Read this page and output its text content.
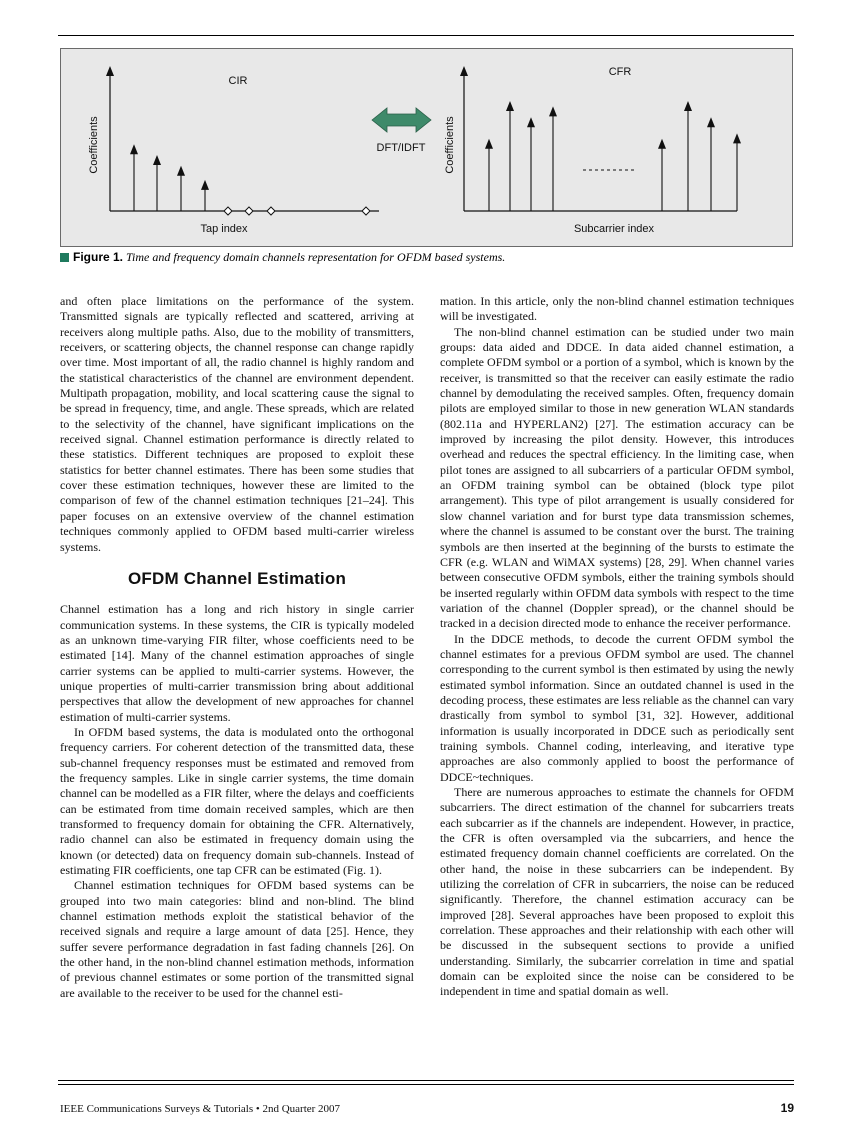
CIR
CFR
DFT/IDFT
Coefficients	Coefficients
Tap index	Subcarrier index
Figure 1. Time and frequency domain channels representation for OFDM based systems.

and often place limitations on the performance of the system. Transmitted signals are typically reflected and scattered, arriving at receivers along multiple paths. Also, due to the mobility of transmitters, receivers, or scattering objects, the channel response can change rapidly over time. Most important of all, the radio channel is highly random and the statistical characteristics of the channel are environment dependent. Multipath propagation, mobility, and local scattering cause the signal to be spread in frequency, time, and angle. These spreads, which are related to the selectivity of the channel, have significant implications on the received signal. Channel estimation performance is directly related to these statistics. Different techniques are proposed to exploit these statistics for better channel estimates. There has been some studies that cover these estimation techniques, however these are limited to the comparison of few of the channel estimation techniques [21–24]. This paper focuses on an extensive overview of the channel estimation techniques commonly applied to OFDM based multi-carrier wireless systems.

OFDM Channel Estimation

Channel estimation has a long and rich history in single carrier communication systems. In these systems, the CIR is typically modeled as an unknown time-varying FIR filter, whose coefficients need to be estimated [14]. Many of the channel estimation approaches of single carrier systems can be applied to multi-carrier systems. However, the unique properties of multi-carrier transmission bring about additional perspectives that allow the development of new approaches for channel estimation of multi-carrier systems.

In OFDM based systems, the data is modulated onto the orthogonal frequency carriers. For coherent detection of the transmitted data, these sub-channel frequency responses must be estimated and removed from the frequency samples. Like in single carrier systems, the time domain channel can be modelled as a FIR filter, where the delays and coefficients can be estimated from time domain received samples, which are then transformed to frequency domain for obtaining the CFR. Alternatively, radio channel can also be estimated in frequency domain using the known (or detected) data on frequency domain sub-channels. Instead of estimating FIR coefficients, one tap CFR can be estimated (Fig. 1).

Channel estimation techniques for OFDM based systems can be grouped into two main categories: blind and non-blind. The blind channel estimation methods exploit the statistical behavior of the received signals and require a large amount of data [25]. Hence, they suffer severe performance degradation in fast fading channels [26]. On the other hand, in the non-blind channel estimation methods, information of previous channel estimates or some portion of the transmitted signal are available to the receiver to be used for the channel esti-

mation. In this article, only the non-blind channel estimation techniques will be investigated.

The non-blind channel estimation can be studied under two main groups: data aided and DDCE. In data aided channel estimation, a complete OFDM symbol or a portion of a symbol, which is known by the receiver, is transmitted so that the receiver can easily estimate the radio channel by demodulating the received samples. Often, frequency domain pilots are employed similar to those in new generation WLAN standards (802.11a and HYPERLAN2) [27]. The estimation accuracy can be improved by increasing the pilot density. However, this introduces overhead and reduces the spectral efficiency. In the limiting case, when pilot tones are assigned to all subcarriers of a particular OFDM symbol, an OFDM training symbol can be obtained (block type pilot arrangement). This type of pilot arrangement is usually considered for slow channel variation and for burst type data transmission schemes, where the channel is assumed to be constant over the burst. The training symbols are then inserted at the beginning of the bursts to estimate the CFR (e.g. WLAN and WiMAX systems) [28, 29]. When channel varies between consecutive OFDM symbols, either the training symbols should be inserted regularly within OFDM data symbols with respect to the time variation of the channel (Doppler spread), or the channel should be tracked in a decision directed mode to enhance the receiver performance.

In the DDCE methods, to decode the current OFDM symbol the channel estimates for a previous OFDM symbol are used. The channel corresponding to the current symbol is then estimated by using the newly estimated symbol information. Since an outdated channel is used in the decoding process, these estimates are less reliable as the channel can vary drastically from symbol to symbol [31, 32]. However, additional information is usually incorporated in DDCE such as periodically sent training symbols. Channel coding, interleaving, and iterative type approaches are also commonly applied to boost the performance of DDCE~techniques.

There are numerous approaches to estimate the channels for OFDM subcarriers. The direct estimation of the channel for subcarriers treats each subcarrier as if the channels are independent. However, in practice, the CFR is often oversampled via the subcarriers, and hence the estimated frequency domain channel coefficients are correlated. On the other hand, the noise in these subcarriers can be independent. By utilizing the correlation of CFR in subcarriers, the noise can be reduced significantly. Therefore, the channel estimation accuracy can be improved [28]. Several approaches have been proposed to exploit this correlation. These approaches and their relationship with each other will be discussed in the subsequent sections to provide a unified understanding. Similarly, the subcarrier correlation in time and spatial domain can be exploited since the noise can be considered to be independent in time and spatial domain as well.

IEEE Communications Surveys & Tutorials • 2nd Quarter 2007	19
